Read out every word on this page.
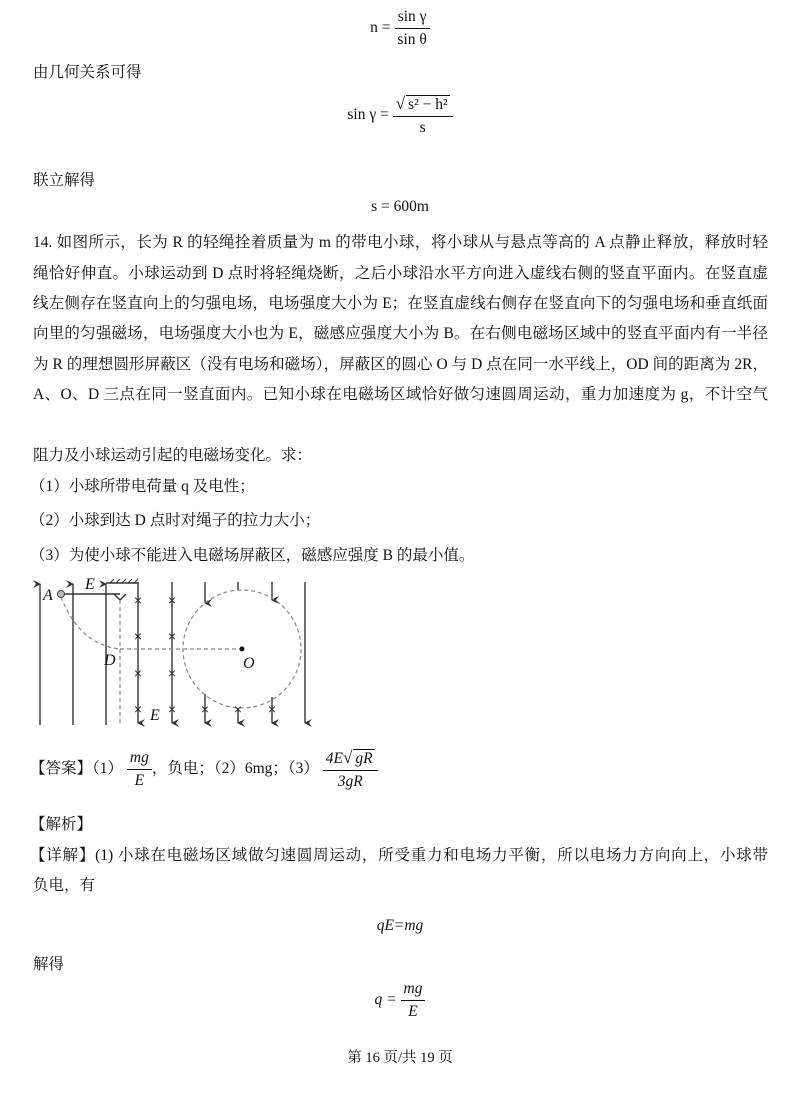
$n = \frac{\text{sin γ}}{\text{sin θ}}$
由几何关系可得
$\sin \gamma = \frac{\text{√ s² − h²}}{s}$
联立解得
s = 600m
14. 如图所示，长为 R 的轻绳拴着质量为 m 的带电小球，将小球从与悬点等高的 A 点静止释放，释放时轻
绳恰好伸直。小球运动到 D 点时将轻绳烧断，之后小球沿水平方向进入虚线右侧的竖直平面内。在竖直虚
线左侧存在竖直向上的匀强电场，电场强度大小为 E；在竖直虚线右侧存在竖直向下的匀强电场和垂直纸面
向里的匀强磁场，电场强度大小也为 E，磁感应强度大小为 B。在右侧电磁场区域中的竖直平面内有一半径
为 R 的理想圆形屏蔽区（没有电场和磁场），屏蔽区的圆心 O 与 D 点在同一水平线上，OD 间的距离为 2R，
A、O、D 三点在同一竖直面内。已知小球在电磁场区域恰好做匀速圆周运动，重力加速度为 g，不计空气
阻力及小球运动引起的电磁场变化。求：
（1）小球所带电荷量 q 及电性；
（2）小球到达 D 点时对绳子的拉力大小；
（3）为使小球不能进入电磁场屏蔽区，磁感应强度 B 的最小值。
×
×
×
×
×
×
×
× × × ×
A
E
D	O
E
【答案】$(1) \frac{mg}{E}$ ，负电；（2）6mg；$(3) \frac{4E√ gR}{3gR}$
【解析】
【详解】(1) 小球在电磁场区域做匀速圆周运动，所受重力和电场力平衡，所以电场力方向向上，小球带
负电，有
qE=mg
解得
$q = \frac{mg}{E}$
第 16 页/共 19 页
